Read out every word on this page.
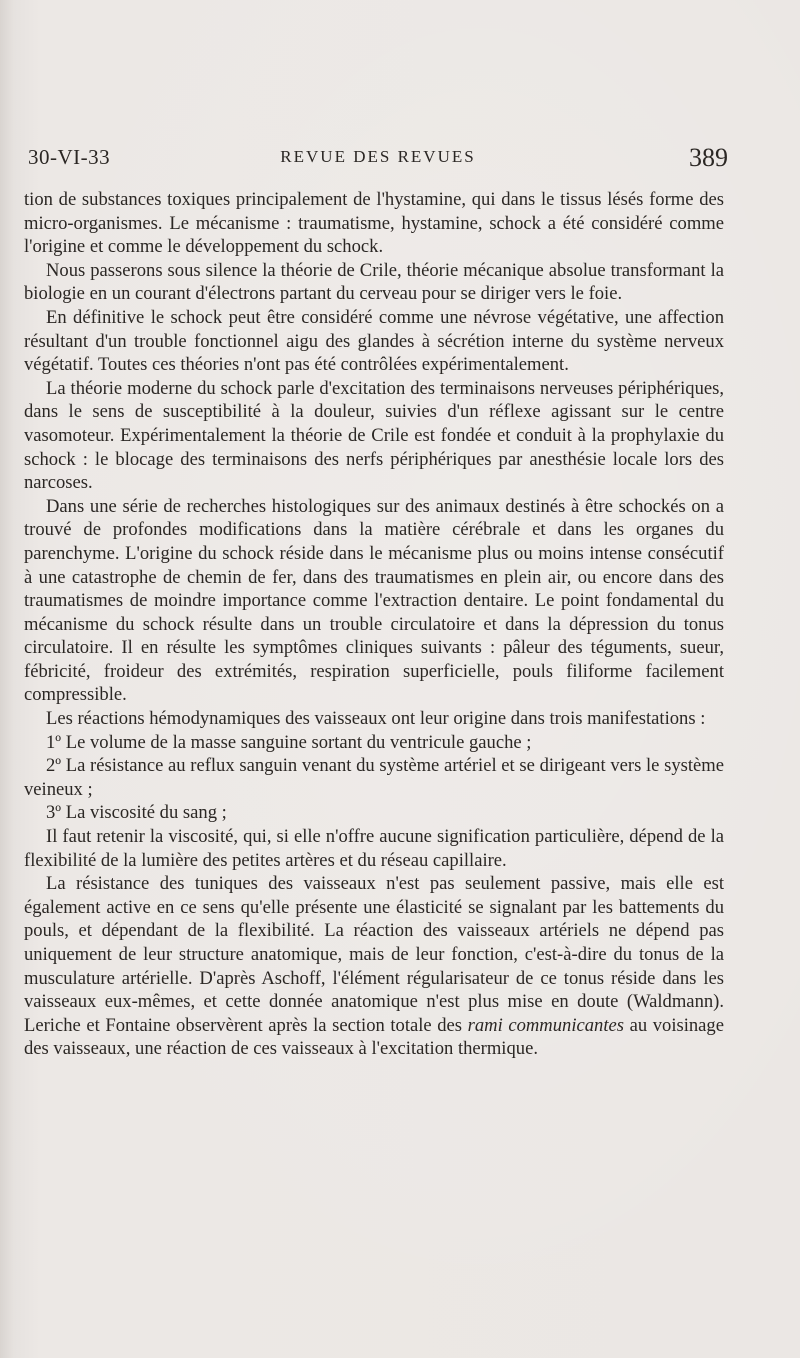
30-VI-33	REVUE DES REVUES	389

tion de substances toxiques principalement de l'hystamine, qui dans le tissus lésés forme des micro-organismes. Le mécanisme : traumatisme, hystamine, schock a été considéré comme l'origine et comme le développement du schock.

Nous passerons sous silence la théorie de Crile, théorie mécanique absolue transformant la biologie en un courant d'électrons partant du cerveau pour se diriger vers le foie.

En définitive le schock peut être considéré comme une névrose végétative, une affection résultant d'un trouble fonctionnel aigu des glandes à sécrétion interne du système nerveux végétatif. Toutes ces théories n'ont pas été contrôlées expérimentalement.

La théorie moderne du schock parle d'excitation des terminaisons nerveuses périphériques, dans le sens de susceptibilité à la douleur, suivies d'un réflexe agissant sur le centre vasomoteur. Expérimentalement la théorie de Crile est fondée et conduit à la prophylaxie du schock : le blocage des terminaisons des nerfs périphériques par anesthésie locale lors des narcoses.

Dans une série de recherches histologiques sur des animaux destinés à être schockés on a trouvé de profondes modifications dans la matière cérébrale et dans les organes du parenchyme. L'origine du schock réside dans le mécanisme plus ou moins intense consécutif à une catastrophe de chemin de fer, dans des traumatismes en plein air, ou encore dans des traumatismes de moindre importance comme l'extraction dentaire. Le point fondamental du mécanisme du schock résulte dans un trouble circulatoire et dans la dépression du tonus circulatoire. Il en résulte les symptômes cliniques suivants : pâleur des téguments, sueur, fébricité, froideur des extrémités, respiration superficielle, pouls filiforme facilement compressible.

Les réactions hémodynamiques des vaisseaux ont leur origine dans trois manifestations :

1º Le volume de la masse sanguine sortant du ventricule gauche ;

2º La résistance au reflux sanguin venant du système artériel et se dirigeant vers le système veineux ;

3º La viscosité du sang ;

Il faut retenir la viscosité, qui, si elle n'offre aucune signification particulière, dépend de la flexibilité de la lumière des petites artères et du réseau capillaire.

La résistance des tuniques des vaisseaux n'est pas seulement passive, mais elle est également active en ce sens qu'elle présente une élasticité se signalant par les battements du pouls, et dépendant de la flexibilité. La réaction des vaisseaux artériels ne dépend pas uniquement de leur structure anatomique, mais de leur fonction, c'est-à-dire du tonus de la musculature artérielle. D'après Aschoff, l'élément régularisateur de ce tonus réside dans les vaisseaux eux-mêmes, et cette donnée anatomique n'est plus mise en doute (Waldmann). Leriche et Fontaine observèrent après la section totale des rami communicantes au voisinage des vaisseaux, une réaction de ces vaisseaux à l'excitation thermique.
